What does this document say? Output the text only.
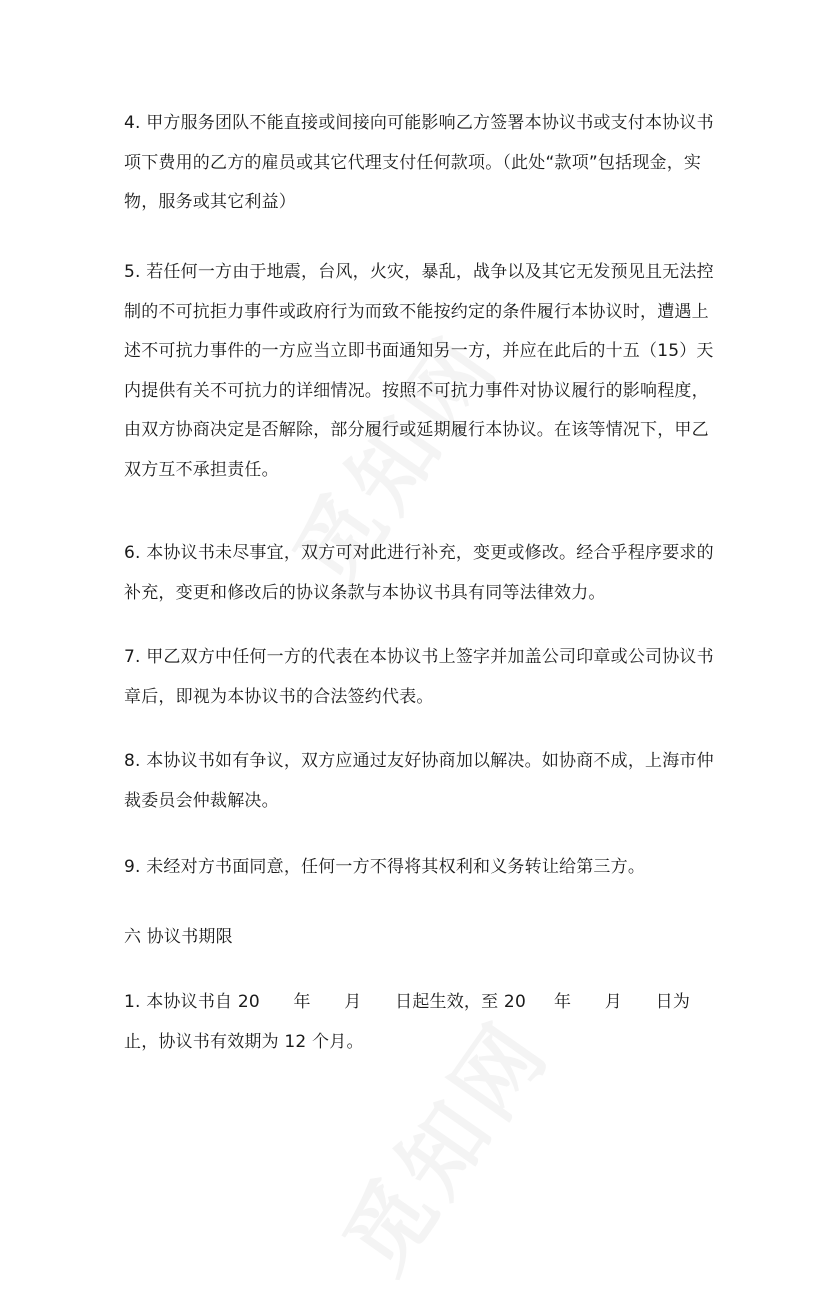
4. 甲方服务团队不能直接或间接向可能影响乙方签署本协议书或支付本协议书项下费用的乙方的雇员或其它代理支付任何款项。（此处“款项”包括现金，实物，服务或其它利益）

5. 若任何一方由于地震，台风，火灾，暴乱，战争以及其它无发预见且无法控制的不可抗拒力事件或政府行为而致不能按约定的条件履行本协议时，遭遇上述不可抗力事件的一方应当立即书面通知另一方，并应在此后的十五（15）天内提供有关不可抗力的详细情况。按照不可抗力事件对协议履行的影响程度，由双方协商决定是否解除，部分履行或延期履行本协议。在该等情况下，甲乙双方互不承担责任。

6. 本协议书未尽事宜，双方可对此进行补充，变更或修改。经合乎程序要求的补充，变更和修改后的协议条款与本协议书具有同等法律效力。

7. 甲乙双方中任何一方的代表在本协议书上签字并加盖公司印章或公司协议书章后，即视为本协议书的合法签约代表。

8. 本协议书如有争议，双方应通过友好协商加以解决。如协商不成，上海市仲裁委员会仲裁解决。

9. 未经对方书面同意，任何一方不得将其权利和义务转让给第三方。

六 协议书期限

1. 本协议书自 20      年      月      日起生效，至 20     年      月      日为止，协议书有效期为 12 个月。
